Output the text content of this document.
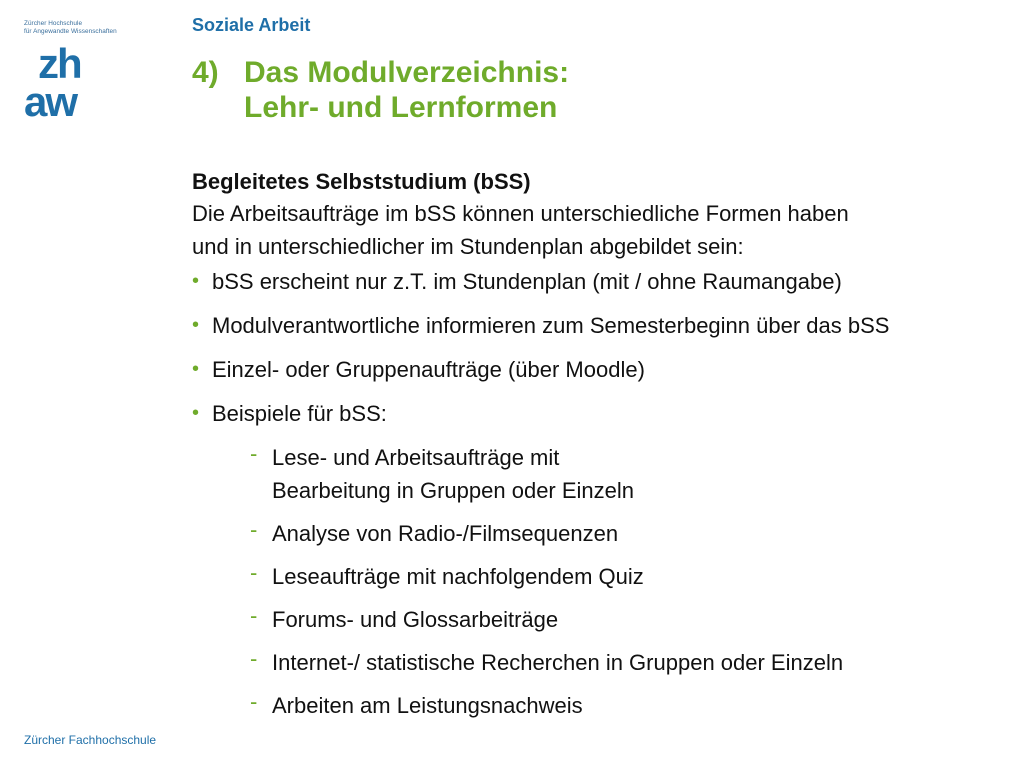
Zürcher Hochschule
für Angewandte Wissenschaften
zh
aw
Soziale Arbeit
4) Das Modulverzeichnis:
Lehr- und Lernformen
Begleitetes Selbststudium (bSS)
Die Arbeitsaufträge im bSS können unterschiedliche Formen haben
und in unterschiedlicher im Stundenplan abgebildet sein:
• bSS erscheint nur z.T. im Stundenplan (mit / ohne Raumangabe)
• Modulverantwortliche informieren zum Semesterbeginn über das bSS
• Einzel- oder Gruppenaufträge (über Moodle)
• Beispiele für bSS:
- Lese- und Arbeitsaufträge mit Bearbeitung in Gruppen oder Einzeln
- Analyse von Radio-/Filmsequenzen
- Leseaufträge mit nachfolgendem Quiz
- Forums- und Glossarbeiträge
- Internet-/ statistische Recherchen in Gruppen oder Einzeln
- Arbeiten am Leistungsnachweis
Zürcher Fachhochschule
